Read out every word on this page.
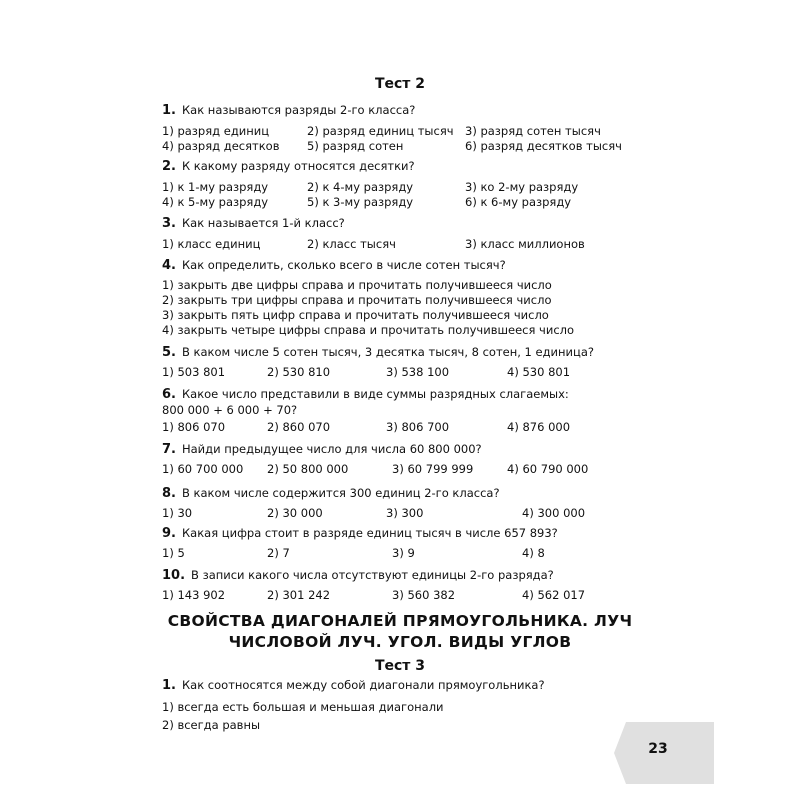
Тест 2
1. Как называются разряды 2-го класса?
1) разряд единиц	2) разряд единиц тысяч 3) разряд сотен тысяч
4) разряд десятков 5) разряд сотен	6) разряд десятков тысяч
2. К какому разряду относятся десятки?
1) к 1-му разряду	2) к 4-му разряду	3) ко 2-му разряду
4) к 5-му разряду	5) к 3-му разряду	6) к 6-му разряду
3. Как называется 1-й класс?
1) класс единиц	2) класс тысяч	3) класс миллионов
4. Как определить, сколько всего в числе сотен тысяч?
1) закрыть две цифры справа и прочитать получившееся число
2) закрыть три цифры справа и прочитать получившееся число
3) закрыть пять цифр справа и прочитать получившееся число
4) закрыть четыре цифры справа и прочитать получившееся число
5. В каком числе 5 сотен тысяч, 3 десятка тысяч, 8 сотен, 1 единица?
1) 503 801	2) 530 810	3) 538 100	4) 530 801
6. Какое число представили в виде суммы разрядных слагаемых:
800 000 + 6 000 + 70?
1) 806 070	2) 860 070	3) 806 700	4) 876 000
7. Найди предыдущее число для числа 60 800 000?
1) 60 700 000 2) 50 800 000	3) 60 799 999	4) 60 790 000
8. В каком числе содержится 300 единиц 2-го класса?
1) 30	2) 30 000	3) 300	4) 300 000
9. Какая цифра стоит в разряде единиц тысяч в числе 657 893?
1) 5	2) 7	3) 9	4) 8
10. В записи какого числа отсутствуют единицы 2-го разряда?
1) 143 902	2) 301 242	3) 560 382	4) 562 017
СВОЙСТВА ДИАГОНАЛЕЙ ПРЯМОУГОЛЬНИКА. ЛУЧ
ЧИСЛОВОЙ ЛУЧ. УГОЛ. ВИДЫ УГЛОВ
Тест 3
1. Как соотносятся между собой диагонали прямоугольника?
1) всегда есть большая и меньшая диагонали
2) всегда равны
23
